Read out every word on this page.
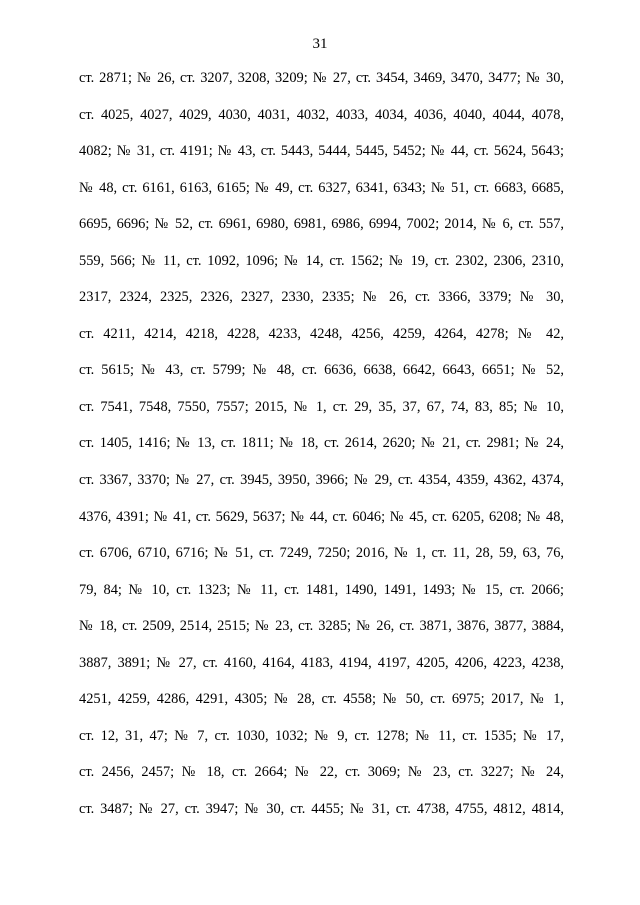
31
ст. 2871; № 26, ст. 3207, 3208, 3209; № 27, ст. 3454, 3469, 3470, 3477; № 30,
ст. 4025, 4027, 4029, 4030, 4031, 4032, 4033, 4034, 4036, 4040, 4044, 4078,
4082; № 31, ст. 4191; № 43, ст. 5443, 5444, 5445, 5452; № 44, ст. 5624, 5643;
№ 48, ст. 6161, 6163, 6165; № 49, ст. 6327, 6341, 6343; № 51, ст. 6683, 6685,
6695, 6696; № 52, ст. 6961, 6980, 6981, 6986, 6994, 7002; 2014, № 6, ст. 557,
559, 566; № 11, ст. 1092, 1096; № 14, ст. 1562; № 19, ст. 2302, 2306, 2310,
2317, 2324, 2325, 2326, 2327, 2330, 2335; № 26, ст. 3366, 3379; № 30,
ст. 4211, 4214, 4218, 4228, 4233, 4248, 4256, 4259, 4264, 4278; № 42,
ст. 5615; № 43, ст. 5799; № 48, ст. 6636, 6638, 6642, 6643, 6651; № 52,
ст. 7541, 7548, 7550, 7557; 2015, № 1, ст. 29, 35, 37, 67, 74, 83, 85; № 10,
ст. 1405, 1416; № 13, ст. 1811; № 18, ст. 2614, 2620; № 21, ст. 2981; № 24,
ст. 3367, 3370; № 27, ст. 3945, 3950, 3966; № 29, ст. 4354, 4359, 4362, 4374,
4376, 4391; № 41, ст. 5629, 5637; № 44, ст. 6046; № 45, ст. 6205, 6208; № 48,
ст. 6706, 6710, 6716; № 51, ст. 7249, 7250; 2016, № 1, ст. 11, 28, 59, 63, 76,
79, 84; № 10, ст. 1323; № 11, ст. 1481, 1490, 1491, 1493; № 15, ст. 2066;
№ 18, ст. 2509, 2514, 2515; № 23, ст. 3285; № 26, ст. 3871, 3876, 3877, 3884,
3887, 3891; № 27, ст. 4160, 4164, 4183, 4194, 4197, 4205, 4206, 4223, 4238,
4251, 4259, 4286, 4291, 4305; № 28, ст. 4558; № 50, ст. 6975; 2017, № 1,
ст. 12, 31, 47; № 7, ст. 1030, 1032; № 9, ст. 1278; № 11, ст. 1535; № 17,
ст. 2456, 2457; № 18, ст. 2664; № 22, ст. 3069; № 23, ст. 3227; № 24,
ст. 3487; № 27, ст. 3947; № 30, ст. 4455; № 31, ст. 4738, 4755, 4812, 4814,
